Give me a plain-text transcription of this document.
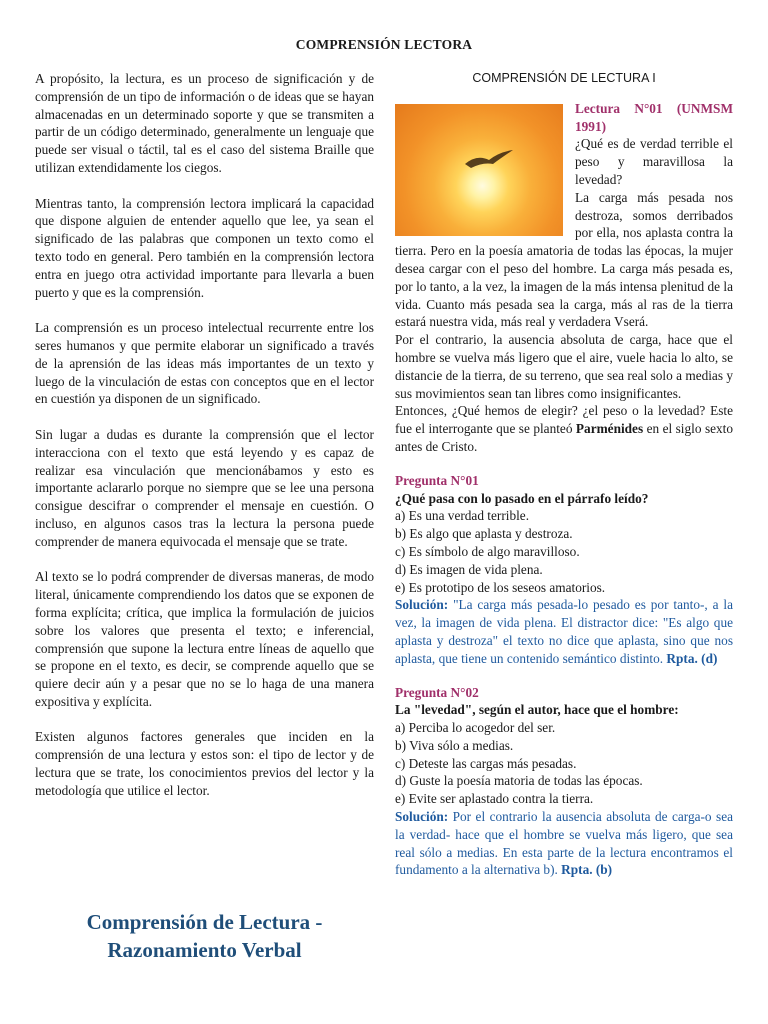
COMPRENSIÓN LECTORA

A propósito, la lectura, es un proceso de significación y de comprensión de un tipo de información o de ideas que se hayan almacenadas en un determinado soporte y que se transmiten a partir de un código determinado, generalmente un lenguaje que puede ser visual o táctil, tal es el caso del sistema Braille que utilizan extendidamente los ciegos.

Mientras tanto, la comprensión lectora implicará la capacidad que dispone alguien de entender aquello que lee, ya sean el significado de las palabras que componen un texto como el texto todo en general. Pero también en la comprensión lectora entra en juego otra actividad importante para llevarla a buen puerto y que es la comprensión.

La comprensión es un proceso intelectual recurrente entre los seres humanos y que permite elaborar un significado a través de la aprensión de las ideas más importantes de un texto y luego de la vinculación de estas con conceptos que en el lector en cuestión ya disponen de un significado.

Sin lugar a dudas es durante la comprensión que el lector interacciona con el texto que está leyendo y es capaz de realizar esa vinculación que mencionábamos y esto es importante aclararlo porque no siempre que se lee una persona consigue descifrar o comprender el mensaje en cuestión. O incluso, en algunos casos tras la lectura la persona puede comprender de manera equivocada el mensaje que se trate.

Al texto se lo podrá comprender de diversas maneras, de modo literal, únicamente comprendiendo los datos que se exponen de forma explícita; crítica, que implica la formulación de juicios sobre los valores que presenta el texto; e inferencial, comprensión que supone la lectura entre líneas de aquello que se propone en el texto, es decir, se comprende aquello que se quiere decir aún y a pesar que no se lo haga de una manera expositiva y explícita.

Existen algunos factores generales que inciden en la comprensión de una lectura y estos son: el tipo de lector y de lectura que se trate, los conocimientos previos del lector y la metodología que utilice el lector.

Comprensión de Lectura -
Razonamiento Verbal
COMPRENSIÓN DE LECTURA I
Lectura N°01 (UNMSM 1991)
¿Qué es de verdad terrible el peso y maravillosa la levedad?
La carga más pesada nos destroza, somos derribados por ella, nos aplasta contra la tierra. Pero en la poesía amatoria de todas las épocas, la mujer desea cargar con el peso del hombre. La carga más pesada es, por lo tanto, a la vez, la imagen de la más intensa plenitud de la vida. Cuanto más pesada sea la carga, más al ras de la tierra estará nuestra vida, más real y verdadera Vserá.
Por el contrario, la ausencia absoluta de carga, hace que el hombre se vuelva más ligero que el aire, vuele hacia lo alto, se distancie de la tierra, de su terreno, que sea real solo a medias y sus movimientos sean tan libres como insignificantes.
Entonces, ¿Qué hemos de elegir? ¿el peso o la levedad? Este fue el interrogante que se planteó Parménides en el siglo sexto antes de Cristo.
Pregunta N°01
¿Qué pasa con lo pasado en el párrafo leído?
a) Es una verdad terrible.
b) Es algo que aplasta y destroza.
c) Es símbolo de algo maravilloso.
d) Es imagen de vida plena.
e) Es prototipo de los seseos amatorios.
Solución: "La carga más pesada-lo pesado es por tanto-, a la vez, la imagen de vida plena. El distractor dice: "Es algo que aplasta y destroza" el texto no dice que aplasta, sino que nos aplasta, que tiene un contenido semántico distinto. Rpta. (d)
Pregunta N°02
La "levedad", según el autor, hace que el hombre:
a) Perciba lo acogedor del ser.
b) Viva sólo a medias.
c) Deteste las cargas más pesadas.
d) Guste la poesía matoria de todas las épocas.
e) Evite ser aplastado contra la tierra.
Solución: Por el contrario la ausencia absoluta de carga-o sea la verdad- hace que el hombre se vuelva más ligero, que sea real sólo a medias. En esta parte de la lectura encontramos el fundamento a la alternativa b). Rpta. (b)
